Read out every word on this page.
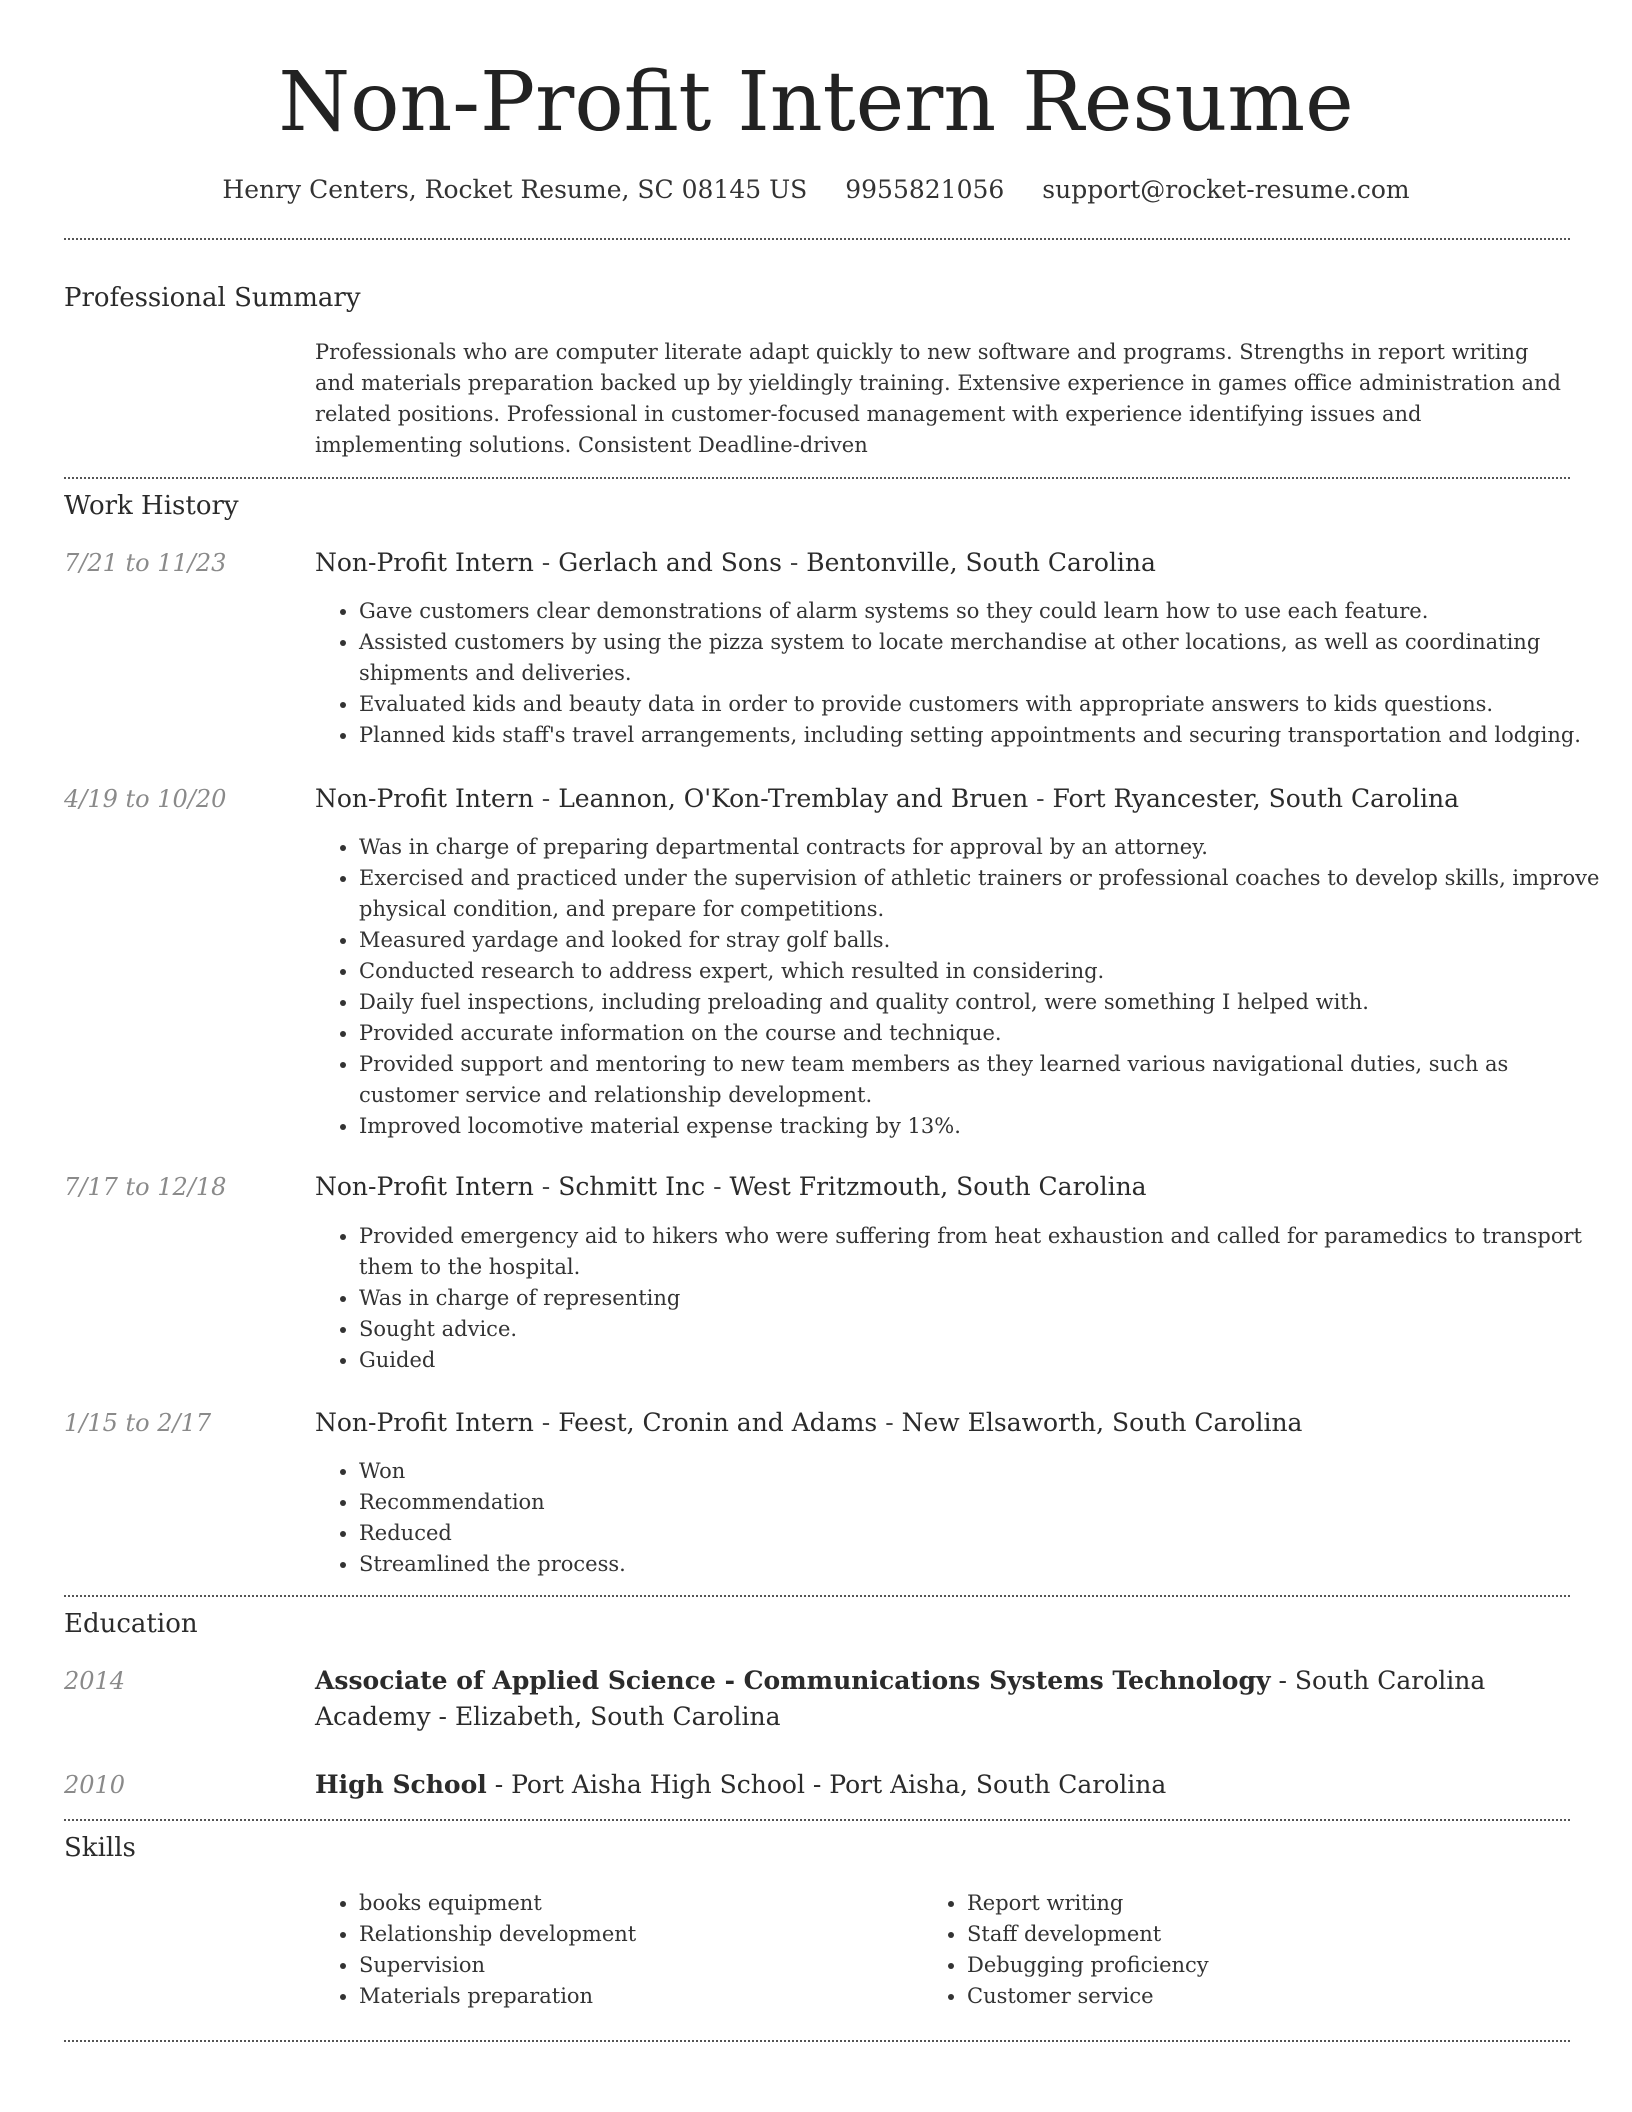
Non-Profit Intern Resume
Henry Centers, Rocket Resume, SC 08145 US 9955821056 support@rocket-resume.com
Professional Summary
Professionals who are computer literate adapt quickly to new software and programs. Strengths in report writing and materials preparation backed up by yieldingly training. Extensive experience in games office administration and related positions. Professional in customer-focused management with experience identifying issues and implementing solutions. Consistent Deadline-driven
Work History
7/21 to 11/23	Non-Profit Intern - Gerlach and Sons - Bentonville, South Carolina
• Gave customers clear demonstrations of alarm systems so they could learn how to use each feature.
• Assisted customers by using the pizza system to locate merchandise at other locations, as well as coordinating shipments and deliveries.
• Evaluated kids and beauty data in order to provide customers with appropriate answers to kids questions.
• Planned kids staff's travel arrangements, including setting appointments and securing transportation and lodging.
4/19 to 10/20	Non-Profit Intern - Leannon, O'Kon-Tremblay and Bruen - Fort Ryancester, South Carolina
• Was in charge of preparing departmental contracts for approval by an attorney.
• Exercised and practiced under the supervision of athletic trainers or professional coaches to develop skills, improve physical condition, and prepare for competitions.
• Measured yardage and looked for stray golf balls.
• Conducted research to address expert, which resulted in considering.
• Daily fuel inspections, including preloading and quality control, were something I helped with.
• Provided accurate information on the course and technique.
• Provided support and mentoring to new team members as they learned various navigational duties, such as customer service and relationship development.
• Improved locomotive material expense tracking by 13%.
7/17 to 12/18	Non-Profit Intern - Schmitt Inc - West Fritzmouth, South Carolina
• Provided emergency aid to hikers who were suffering from heat exhaustion and called for paramedics to transport them to the hospital.
• Was in charge of representing
• Sought advice.
• Guided
1/15 to 2/17	Non-Profit Intern - Feest, Cronin and Adams - New Elsaworth, South Carolina
• Won
• Recommendation
• Reduced
• Streamlined the process.
Education
2014	Associate of Applied Science - Communications Systems Technology - South Carolina Academy - Elizabeth, South Carolina
2010	High School - Port Aisha High School - Port Aisha, South Carolina
Skills
• books equipment
• Relationship development
• Supervision
• Materials preparation
• Report writing
• Staff development
• Debugging proficiency
• Customer service
